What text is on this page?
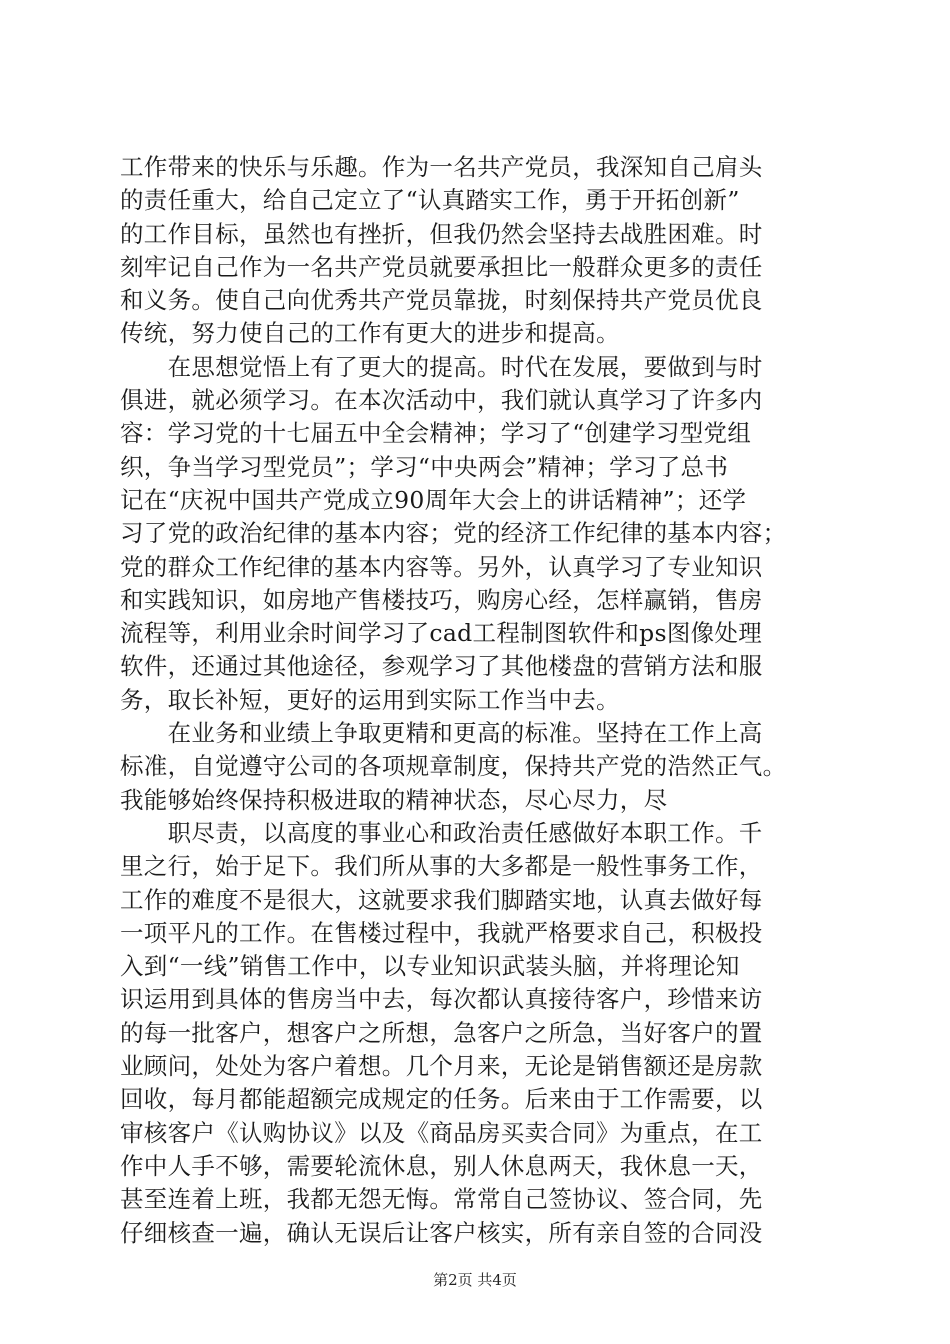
工作带来的快乐与乐趣。作为一名共产党员，我深知自己肩头
的责任重大，给自己定立了“认真踏实工作，勇于开拓创新”
的工作目标，虽然也有挫折，但我仍然会坚持去战胜困难。时
刻牢记自己作为一名共产党员就要承担比一般群众更多的责任
和义务。使自己向优秀共产党员靠拢，时刻保持共产党员优良
传统，努力使自己的工作有更大的进步和提高。
　　在思想觉悟上有了更大的提高。时代在发展，要做到与时
俱进，就必须学习。在本次活动中，我们就认真学习了许多内
容：学习党的十七届五中全会精神；学习了“创建学习型党组
织，争当学习型党员”；学习“中央两会”精神；学习了总书
记在“庆祝中国共产党成立90周年大会上的讲话精神”；还学
习了党的政治纪律的基本内容；党的经济工作纪律的基本内容；
党的群众工作纪律的基本内容等。另外，认真学习了专业知识
和实践知识，如房地产售楼技巧，购房心经，怎样赢销，售房
流程等，利用业余时间学习了cad工程制图软件和ps图像处理
软件，还通过其他途径，参观学习了其他楼盘的营销方法和服
务，取长补短，更好的运用到实际工作当中去。
　　在业务和业绩上争取更精和更高的标准。坚持在工作上高
标准，自觉遵守公司的各项规章制度，保持共产党的浩然正气。
我能够始终保持积极进取的精神状态，尽心尽力，尽
　　职尽责，以高度的事业心和政治责任感做好本职工作。千
里之行，始于足下。我们所从事的大多都是一般性事务工作，
工作的难度不是很大，这就要求我们脚踏实地，认真去做好每
一项平凡的工作。在售楼过程中，我就严格要求自己，积极投
入到“一线”销售工作中，以专业知识武装头脑，并将理论知
识运用到具体的售房当中去，每次都认真接待客户，珍惜来访
的每一批客户，想客户之所想，急客户之所急，当好客户的置
业顾问，处处为客户着想。几个月来，无论是销售额还是房款
回收，每月都能超额完成规定的任务。后来由于工作需要，以
审核客户《认购协议》以及《商品房买卖合同》为重点，在工
作中人手不够，需要轮流休息，别人休息两天，我休息一天，
甚至连着上班，我都无怨无悔。常常自己签协议、签合同，先
仔细核查一遍，确认无误后让客户核实，所有亲自签的合同没
第2页 共4页
